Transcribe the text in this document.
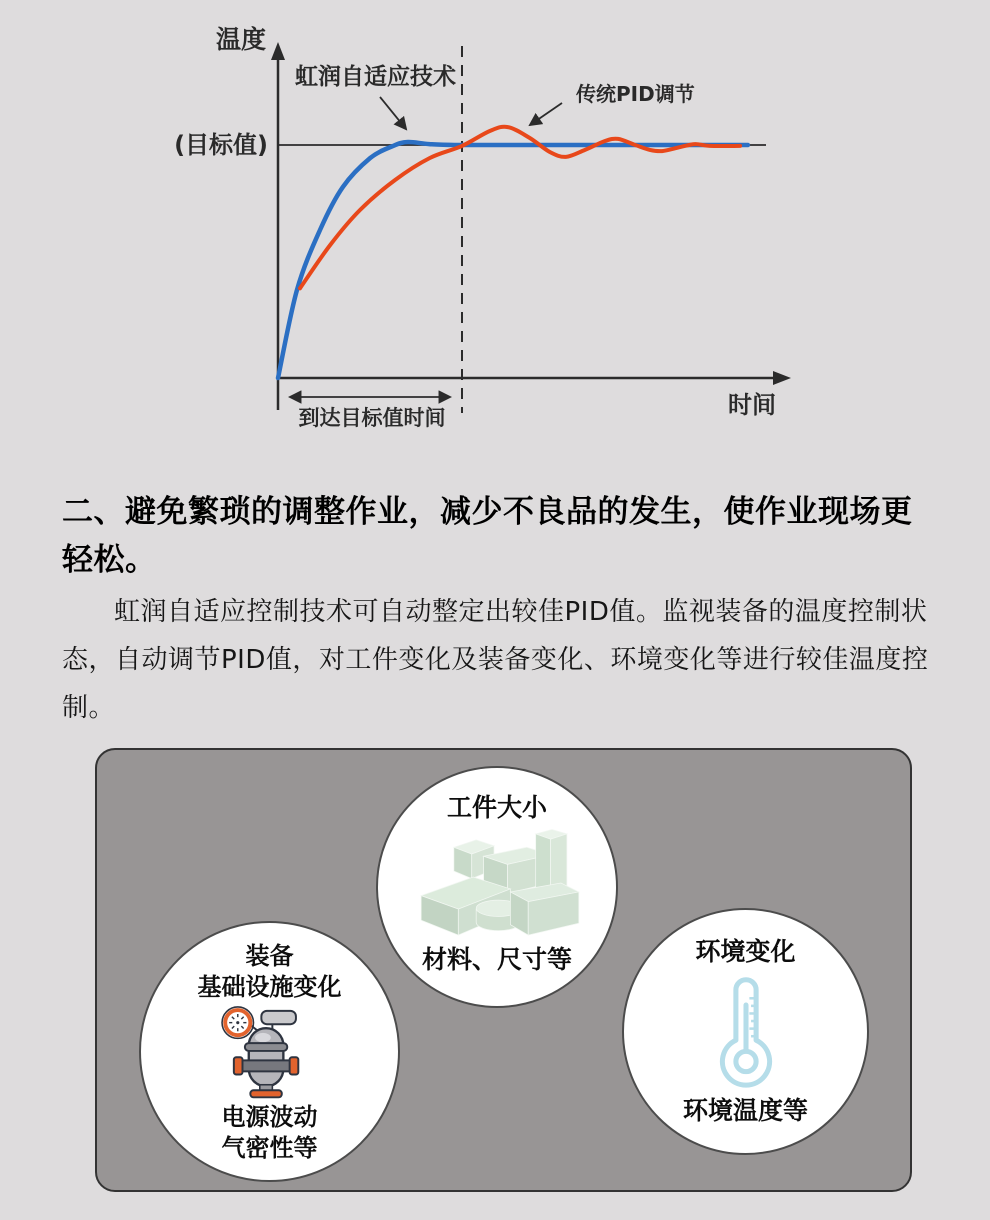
温度
(目标值)
时间
到达目标值时间
虹润自适应技术
传统PID调节
二、避免繁琐的调整作业，减少不良品的发生，使作业现场更轻松。
虹润自适应控制技术可自动整定出较佳PID值。监视装备的温度控制状态，自动调节PID值，对工件变化及装备变化、环境变化等进行较佳温度控制。
工件大小
材料、尺寸等
装备
基础设施变化
电源波动
气密性等
环境变化
环境温度等
